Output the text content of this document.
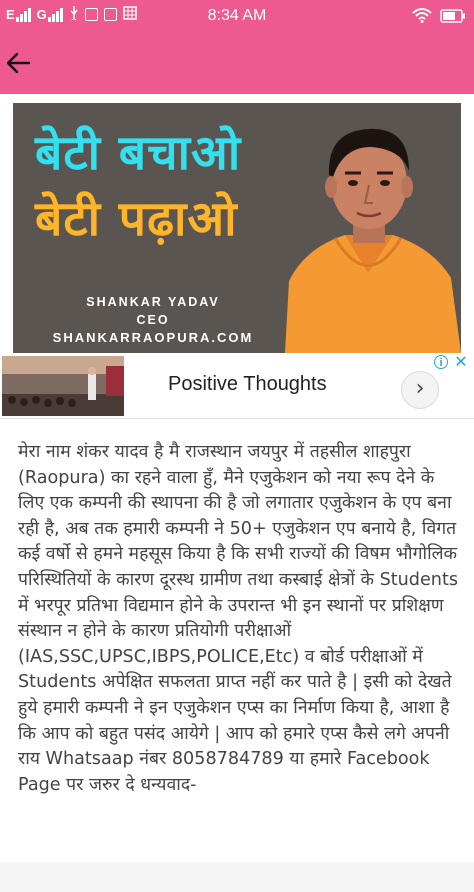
E G	8:34 AM
बेटी बचाओ
बेटी पढ़ाओ
SHANKAR YADAV
CEO
SHANKARRAOPURA.COM
Positive Thoughts	›
i ✕
मेरा नाम शंकर यादव है मै राजस्थान जयपुर में तहसील शाहपुरा (Raopura) का रहने वाला हुँ, मैने एजुकेशन को नया रूप देने के लिए एक कम्पनी की स्थापना की है जो लगातार एजुकेशन के एप बना रही है, अब तक हमारी कम्पनी ने 50+ एजुकेशन एप बनाये है, विगत कई वर्षो से हमने महसूस किया है कि सभी राज्यों की विषम भौगोलिक परिस्थितियों के कारण दूरस्थ ग्रामीण तथा कस्बाई क्षेत्रों के Students में भरपूर प्रतिभा विद्यमान होने के उपरान्त भी इन स्थानों पर प्रशिक्षण संस्थान न होने के कारण प्रतियोगी परीक्षाओं (IAS,SSC,UPSC,IBPS,POLICE,Etc) व बोर्ड परीक्षाओं में Students अपेक्षित सफलता प्राप्त नहीं कर पाते है | इसी को देखते हुये हमारी कम्पनी ने इन एजुकेशन एप्स का निर्माण किया है, आशा है कि आप को बहुत पसंद आयेगे | आप को हमारे एप्स कैसे लगे अपनी राय Whatsaap नंबर 8058784789 या हमारे Facebook Page पर जरुर दे धन्यवाद-
